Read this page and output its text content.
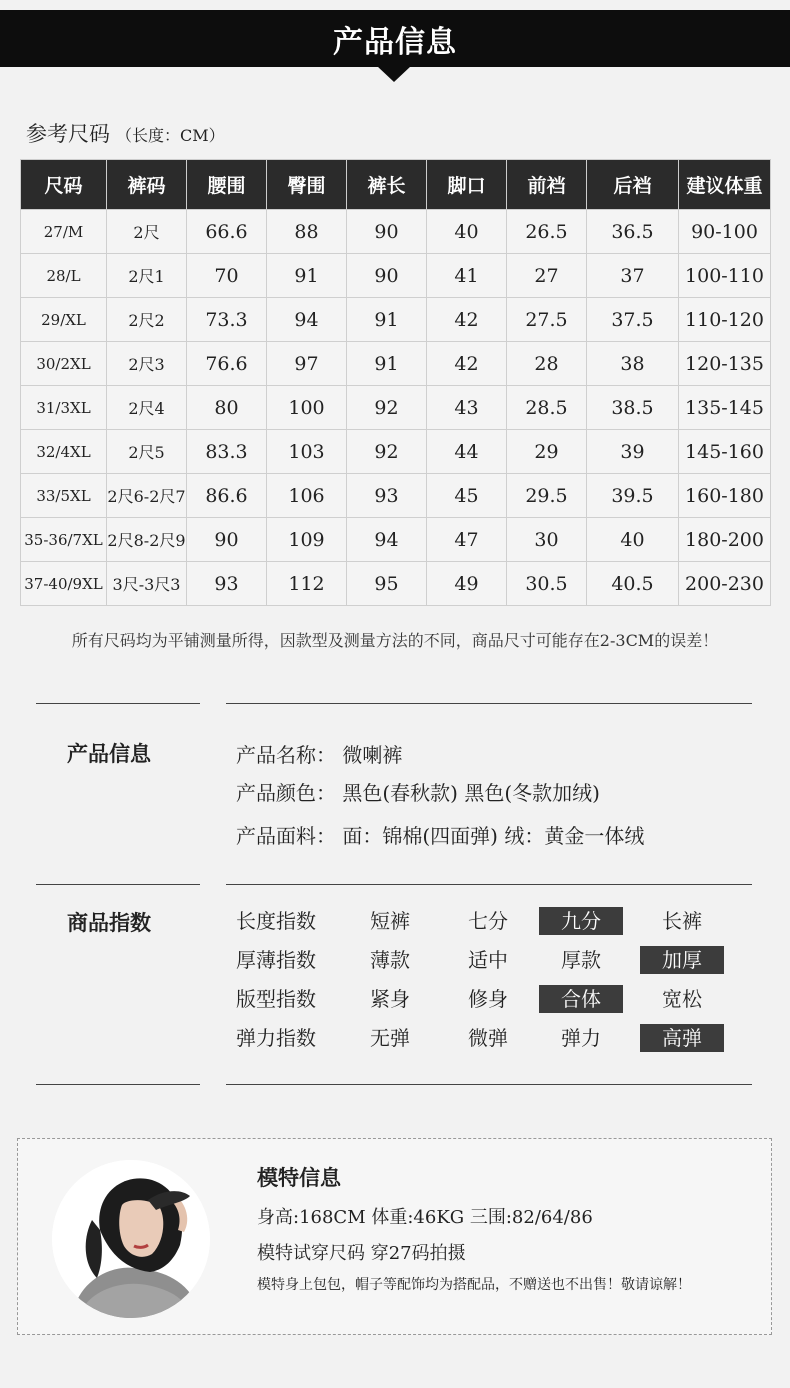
产品信息
参考尺码 （长度：CM）
尺码	裤码	腰围	臀围	裤长	脚口	前裆	后裆	建议体重
27/M	2尺	66.6	88	90	40	26.5	36.5	90-100
28/L	2尺1	70	91	90	41	27	37	100-110
29/XL	2尺2	73.3	94	91	42	27.5	37.5	110-120
30/2XL	2尺3	76.6	97	91	42	28	38	120-135
31/3XL	2尺4	80	100	92	43	28.5	38.5	135-145
32/4XL	2尺5	83.3	103	92	44	29	39	145-160
33/5XL	2尺6-2尺7	86.6	106	93	45	29.5	39.5	160-180
35-36/7XL	2尺8-2尺9	90	109	94	47	30	40	180-200
37-40/9XL	3尺-3尺3	93	112	95	49	30.5	40.5	200-230
所有尺码均为平铺测量所得，因款型及测量方法的不同，商品尺寸可能存在2-3CM的误差！
产品信息	产品名称： 微喇裤
产品颜色： 黑色(春秋款) 黑色(冬款加绒)
产品面料： 面：锦棉(四面弹) 绒：黄金一体绒
商品指数	长度指数	短裤	七分	九分	长裤
厚薄指数	薄款	适中	厚款	加厚
版型指数	紧身	修身	合体	宽松
弹力指数	无弹	微弹	弹力	高弹
模特信息
身高:168CM 体重:46KG 三围:82/64/86
模特试穿尺码 穿27码拍摄
模特身上包包，帽子等配饰均为搭配品，不赠送也不出售！敬请谅解！
